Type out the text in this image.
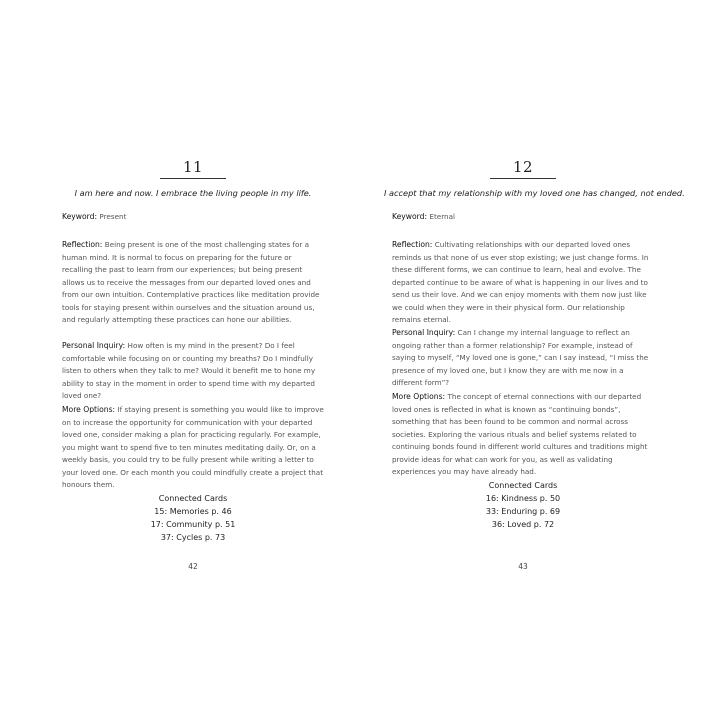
11
I am here and now. I embrace the living people in my life.
Keyword: Present
Reflection: Being present is one of the most challenging states for a human mind. It is normal to focus on preparing for the future or recalling the past to learn from our experiences; but being present allows us to receive the messages from our departed loved ones and from our own intuition. Contemplative practices like meditation provide tools for staying present within ourselves and the situation around us, and regularly attempting these practices can hone our abilities.
Personal Inquiry: How often is my mind in the present? Do I feel comfortable while focusing on or counting my breaths? Do I mindfully listen to others when they talk to me? Would it benefit me to hone my ability to stay in the moment in order to spend time with my departed loved one?
More Options: If staying present is something you would like to improve on to increase the opportunity for communication with your departed loved one, consider making a plan for practicing regularly. For example, you might want to spend five to ten minutes meditating daily. Or, on a weekly basis, you could try to be fully present while writing a letter to your loved one. Or each month you could mindfully create a project that honours them.
Connected Cards
15: Memories p. 46
17: Community p. 51
37: Cycles p. 73
42
12
I accept that my relationship with my loved one has changed, not ended.
Keyword: Eternal
Reflection: Cultivating relationships with our departed loved ones reminds us that none of us ever stop existing; we just change forms. In these different forms, we can continue to learn, heal and evolve. The departed continue to be aware of what is happening in our lives and to send us their love. And we can enjoy moments with them now just like we could when they were in their physical form. Our relationship remains eternal.
Personal Inquiry: Can I change my internal language to reflect an ongoing rather than a former relationship? For example, instead of saying to myself, “My loved one is gone,” can I say instead, “I miss the presence of my loved one, but I know they are with me now in a different form”?
More Options: The concept of eternal connections with our departed loved ones is reflected in what is known as “continuing bonds”, something that has been found to be common and normal across societies. Exploring the various rituals and belief systems related to continuing bonds found in different world cultures and traditions might provide ideas for what can work for you, as well as validating experiences you may have already had.
Connected Cards
16: Kindness p. 50
33: Enduring p. 69
36: Loved p. 72
43
